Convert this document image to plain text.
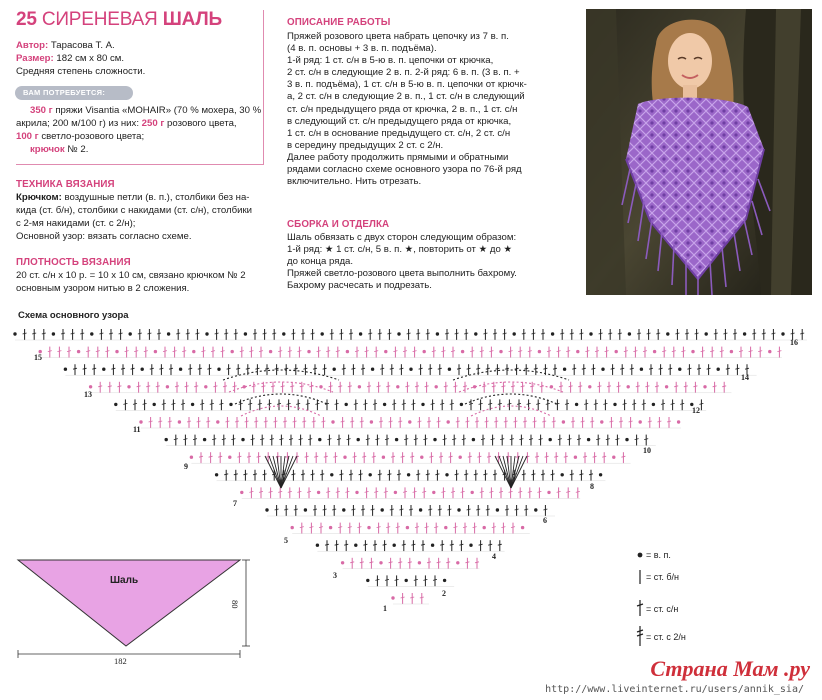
25 СИРЕНЕВАЯ ШАЛЬ
Автор: Тарасова Т. А.
Размер: 182 см х 80 см.
Средняя степень сложности.
ВАМ ПОТРЕБУЕТСЯ:
350 г пряжи Visantia «MOHAIR» (70 % мохера, 30 %
акрила; 200 м/100 г) из них: 250 г розового цвета,
100 г светло-розового цвета;
крючок № 2.
ТЕХНИКА ВЯЗАНИЯ
Крючком: воздушные петли (в. п.), столбики без на-
кида (ст. б/н), столбики с накидами (ст. с/н), столбики
с 2-мя накидами (ст. с 2/н);
Основной узор: вязать согласно схеме.
ПЛОТНОСТЬ ВЯЗАНИЯ
20 ст. с/н х 10 р. = 10 х 10 см, связано крючком № 2
основным узором нитью в 2 сложения.
ОПИСАНИЕ РАБОТЫ
Пряжей розового цвета набрать цепочку из 7 в. п.
(4 в. п. основы + 3 в. п. подъёма).
1-й ряд: 1 ст. с/н в 5-ю в. п. цепочки от крючка,
2 ст. с/н в следующие 2 в. п. 2-й ряд: 6 в. п. (3 в. п. +
3 в. п. подъёма), 1 ст. с/н в 5-ю в. п. цепочки от крючк-
а, 2 ст. с/н в следующие 2 в. п., 1 ст. с/н в следующий
ст. с/н предыдущего ряда от крючка, 2 в. п., 1 ст. с/н
в следующий ст. с/н предыдущего ряда от крючка,
1 ст. с/н в основание предыдущего ст. с/н, 2 ст. с/н
в середину предыдущих 2 ст. с 2/н.
Далее работу продолжить прямыми и обратными
рядами согласно схеме основного узора по 76-й ряд
включительно. Нить отрезать.
СБОРКА И ОТДЕЛКА
Шаль обвязать с двух сторон следующим образом:
1-й ряд: ★ 1 ст. с/н, 5 в. п. ★, повторить от ★ до ★
до конца ряда.
Пряжей светло-розового цвета выполнить бахрому.
Бахрому расчесать и подрезать.
Схема основного узора
16
15
14
13
12
11
10
9
8
7
6
5
4
3
2
1
Шаль
182
80
= в. п.
= ст. б/н
= ст. с/н
= ст. с 2/н
Страна Мам .ру
http://www.liveinternet.ru/users/annik_sia/
